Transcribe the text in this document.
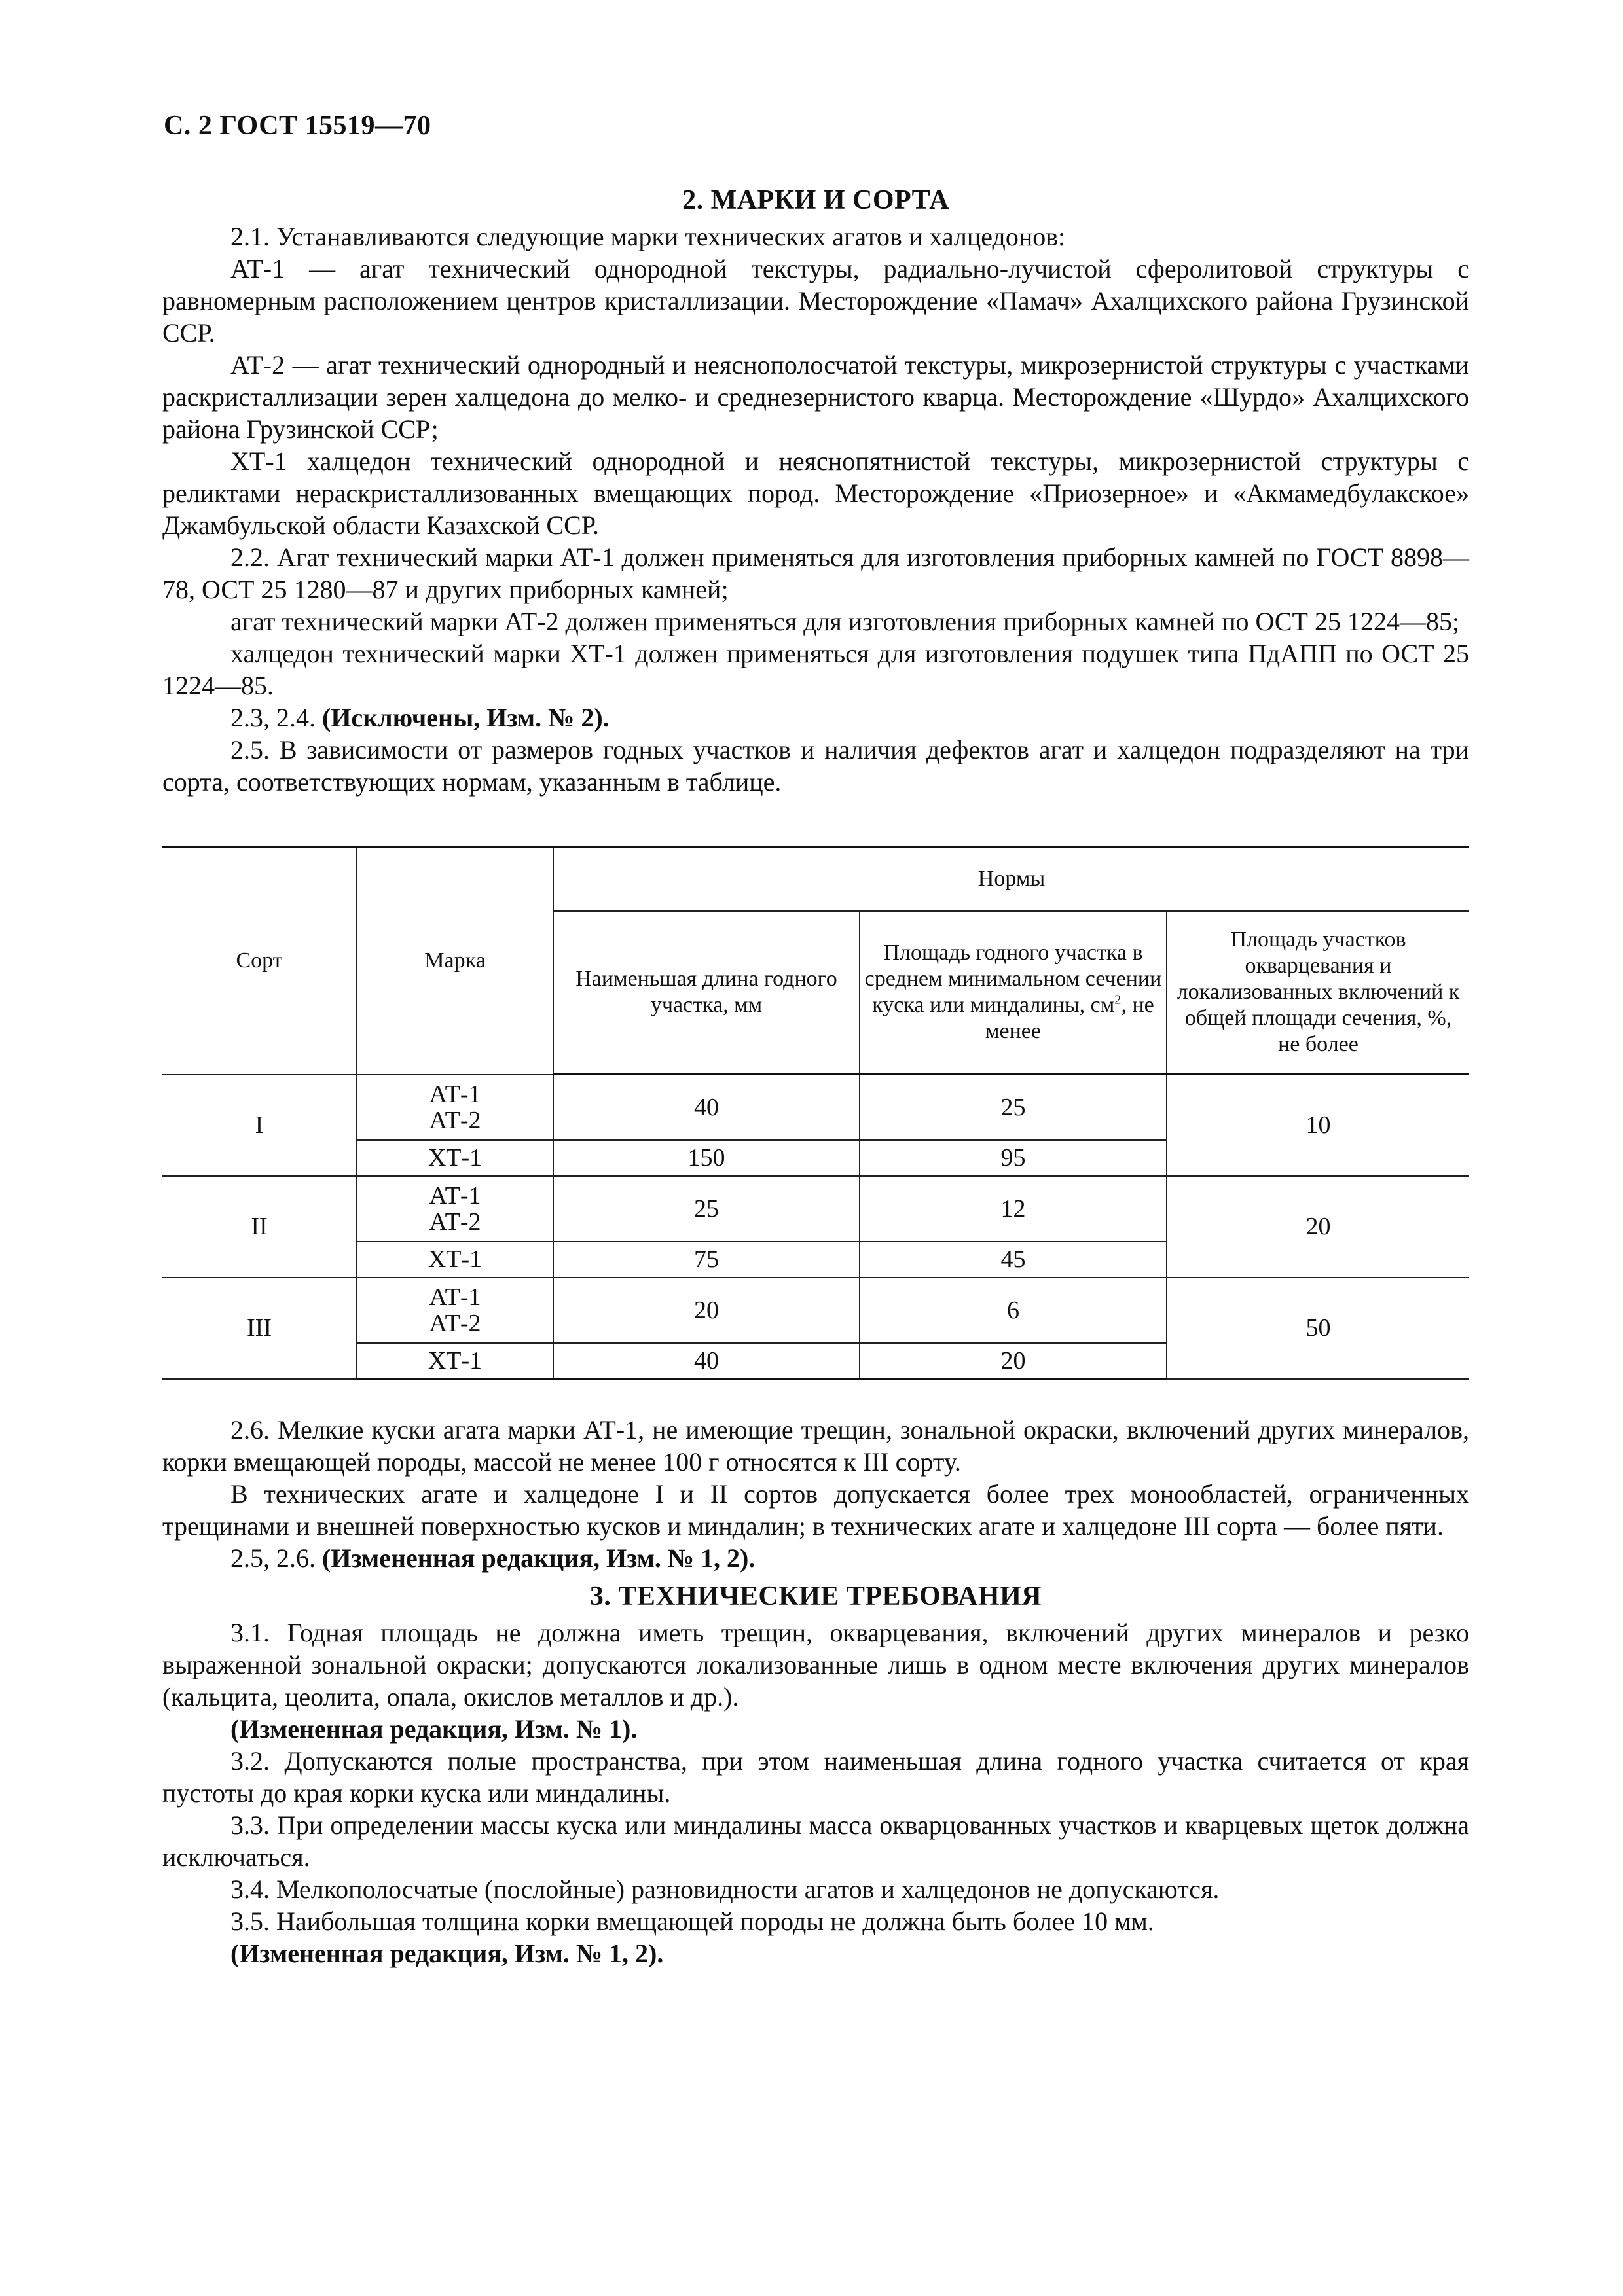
С. 2 ГОСТ 15519—70
2. МАРКИ И СОРТА

2.1. Устанавливаются следующие марки технических агатов и халцедонов:

АТ-1 — агат технический однородной текстуры, радиально-лучистой сферолитовой структуры с равномерным расположением центров кристаллизации. Месторождение «Памач» Ахалцихского района Грузинской ССР.

АТ-2 — агат технический однородный и неяснополосчатой текстуры, микрозернистой структуры с участками раскристаллизации зерен халцедона до мелко- и среднезернистого кварца. Месторождение «Шурдо» Ахалцихского района Грузинской ССР;

ХТ-1 халцедон технический однородной и неяснопятнистой текстуры, микрозернистой структуры с реликтами нераскристаллизованных вмещающих пород. Месторождение «Приозерное» и «Акмамедбулакское» Джамбульской области Казахской ССР.

2.2. Агат технический марки АТ-1 должен применяться для изготовления приборных камней по ГОСТ 8898—78, ОСТ 25 1280—87 и других приборных камней;

агат технический марки АТ-2 должен применяться для изготовления приборных камней по ОСТ 25 1224—85;

халцедон технический марки ХТ-1 должен применяться для изготовления подушек типа ПдАПП по ОСТ 25 1224—85.

2.3, 2.4. (Исключены, Изм. № 2).

2.5. В зависимости от размеров годных участков и наличия дефектов агат и халцедон подразделяют на три сорта, соответствующих нормам, указанным в таблице.

Сорт	Марка	Нормы		
		Наименьшая длина годного участка, мм	Площадь годного участка в среднем минимальном сечении куска или миндалины, $см^2$, не менее	Площадь участков окварцевания и локализованных включений к общей площади сечения, %, не более
I	АТ-1
АТ-2	40	25	10
	ХТ-1	150	95	
II	АТ-1
АТ-2	25	12	20
	ХТ-1	75	45	
III	АТ-1
АТ-2	20	6	50
	ХТ-1	40	20	

2.6. Мелкие куски агата марки АТ-1, не имеющие трещин, зональной окраски, включений других минералов, корки вмещающей породы, массой не менее 100 г относятся к III сорту.

В технических агате и халцедоне I и II сортов допускается более трех монообластей, ограниченных трещинами и внешней поверхностью кусков и миндалин; в технических агате и халцедоне III сорта — более пяти.

2.5, 2.6. (Измененная редакция, Изм. № 1, 2).

3. ТЕХНИЧЕСКИЕ ТРЕБОВАНИЯ

3.1. Годная площадь не должна иметь трещин, окварцевания, включений других минералов и резко выраженной зональной окраски; допускаются локализованные лишь в одном месте включения других минералов (кальцита, цеолита, опала, окислов металлов и др.).

(Измененная редакция, Изм. № 1).

3.2. Допускаются полые пространства, при этом наименьшая длина годного участка считается от края пустоты до края корки куска или миндалины.

3.3. При определении массы куска или миндалины масса окварцованных участков и кварцевых щеток должна исключаться.

3.4. Мелкополосчатые (послойные) разновидности агатов и халцедонов не допускаются.

3.5. Наибольшая толщина корки вмещающей породы не должна быть более 10 мм.

(Измененная редакция, Изм. № 1, 2).
